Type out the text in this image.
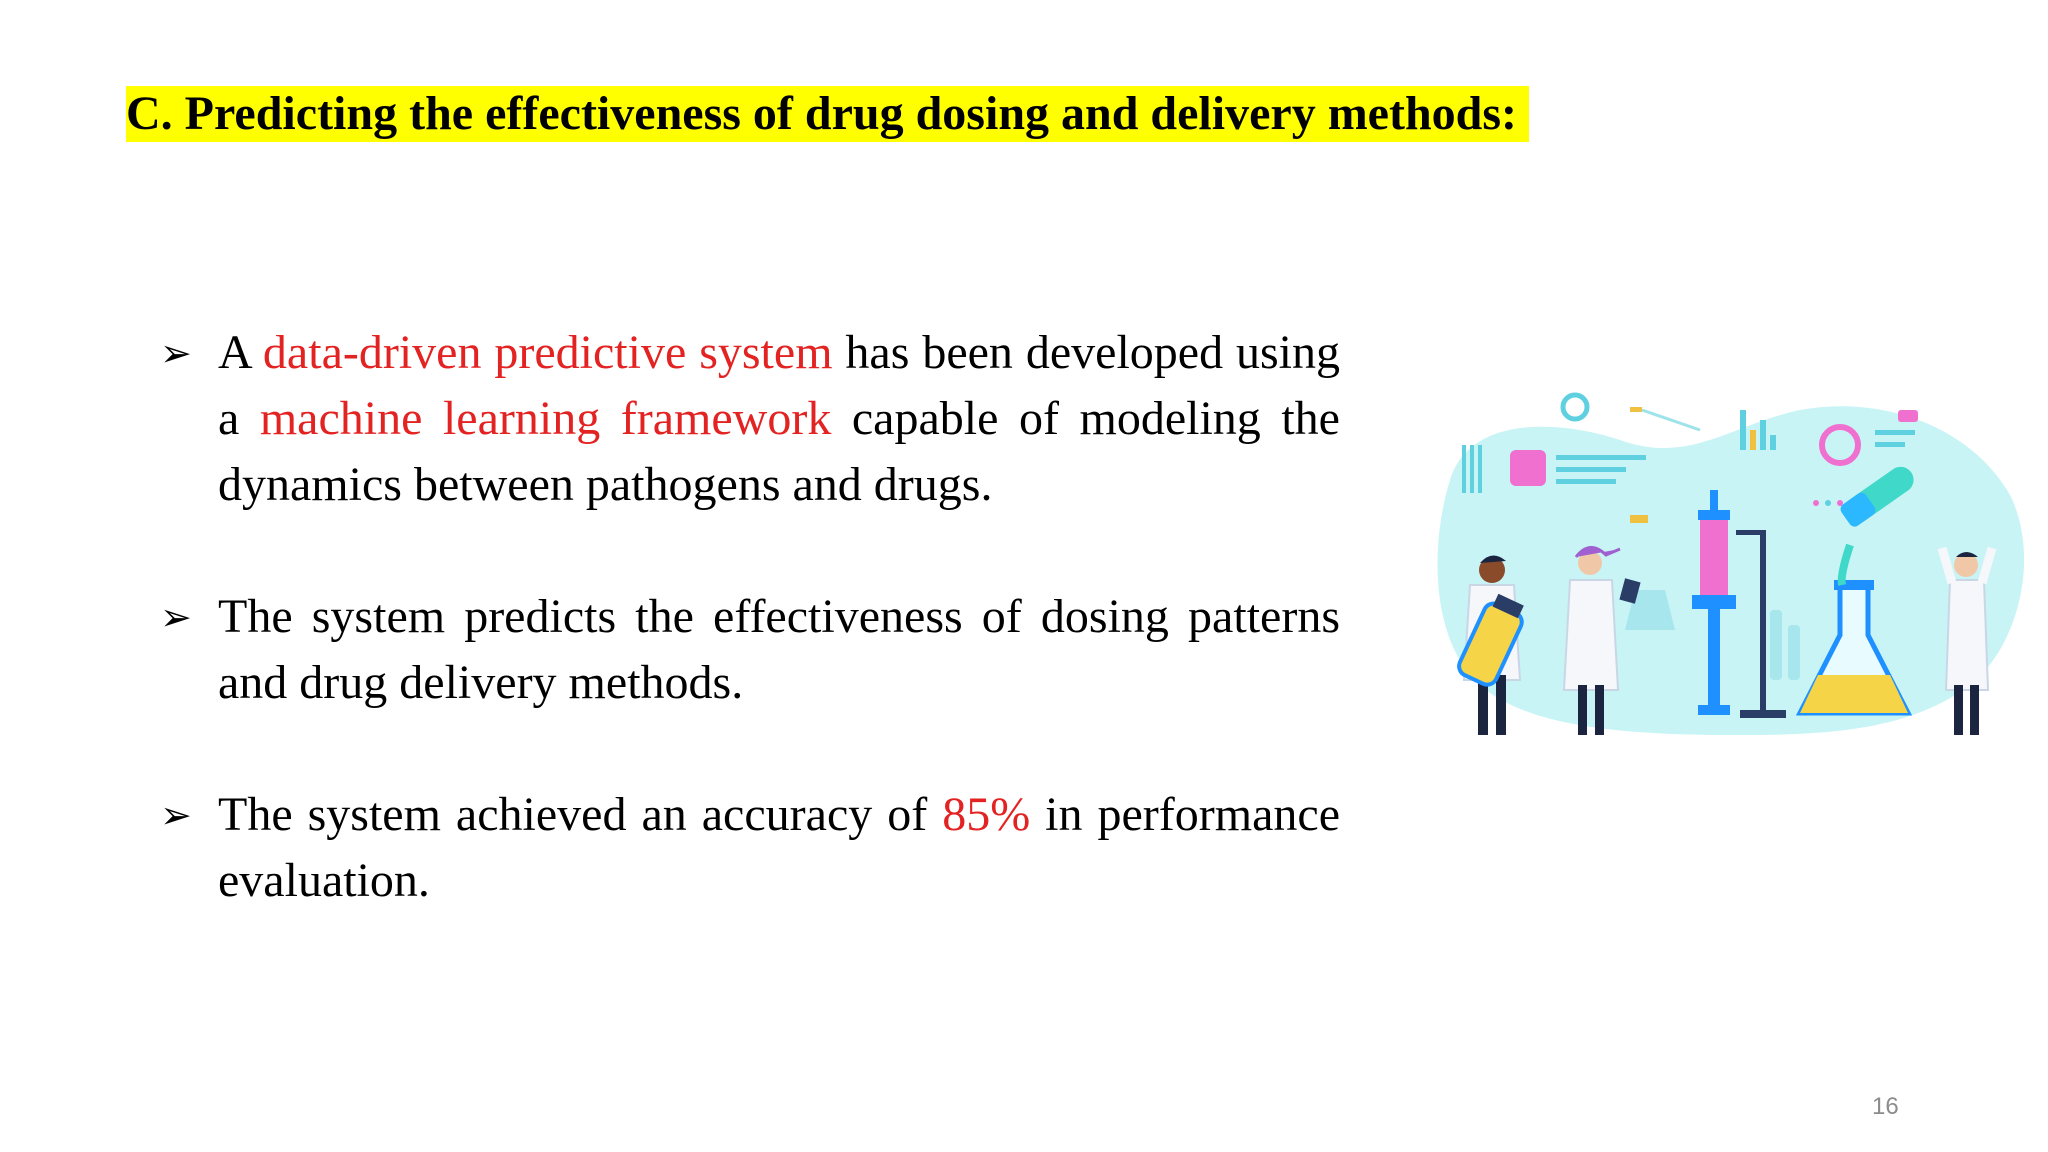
C. Predicting the effectiveness of drug dosing and delivery methods:
➢ A data-driven predictive system has been developed using a machine learning framework capable of modeling the dynamics between pathogens and drugs.
➢ The system predicts the effectiveness of dosing patterns and drug delivery methods.
➢ The system achieved an accuracy of 85% in performance evaluation.
16
